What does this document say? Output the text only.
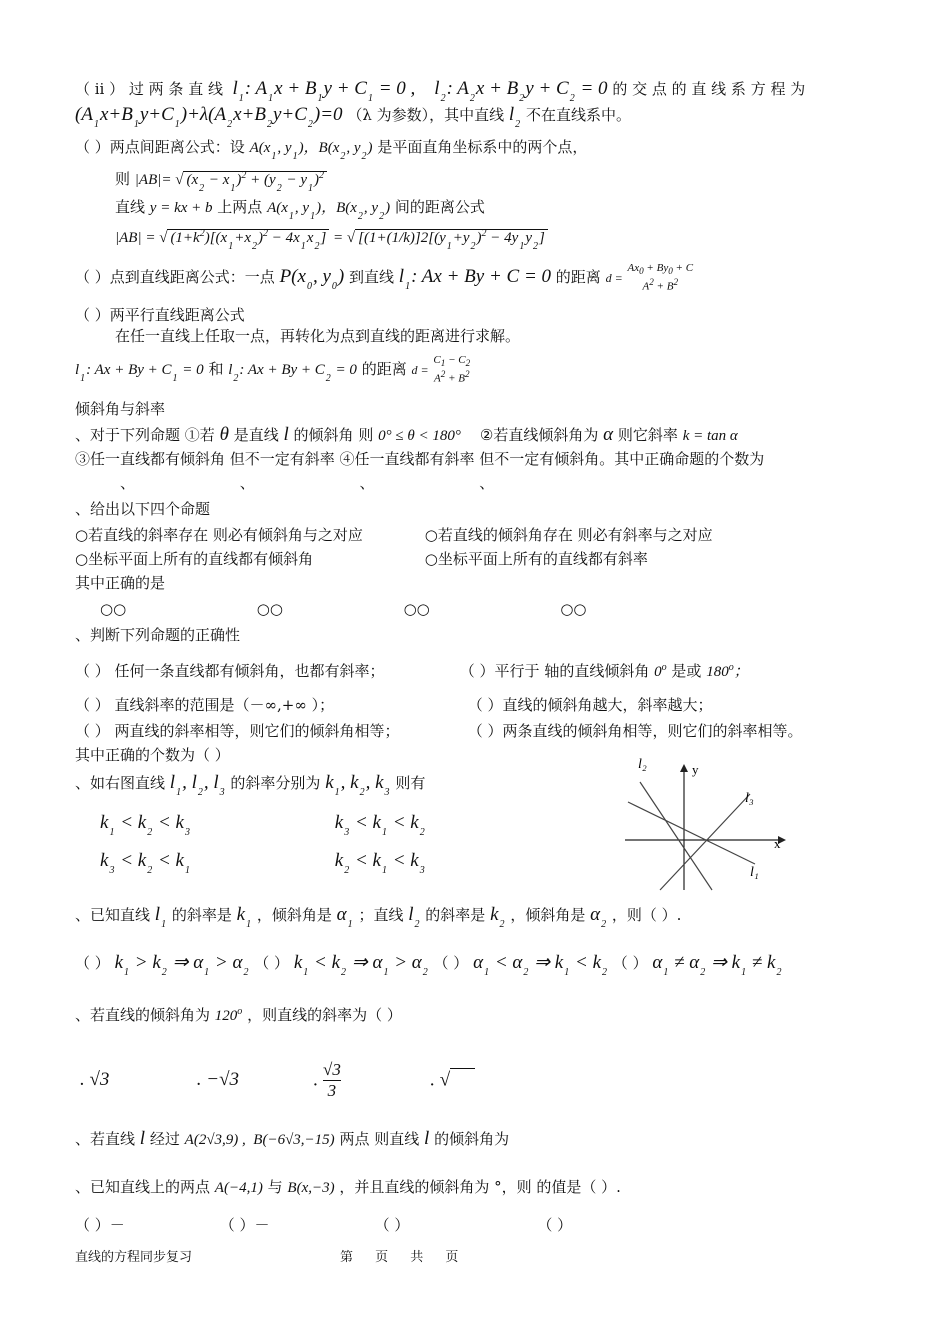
（ ⅱ ） 过 两 条 直 线  $l_1$: $A_1x + B_1y + C_1 = 0$ ,    $l_2$: $A_2x + B_2y + C_2 = 0$ 的 交 点 的 直 线 系 方 程 为
$(A_1x+B_1y+C_1)+\lambda(A_2x+B_2y+C_2)=0$ （λ 为参数），其中直线 $l_2$ 不在直线系中。
（ ）两点间距离公式：设 $A(x_1$, $y_1$)，$B(x_2$, $y_2$) 是平面直角坐标系中的两个点，
则 |AB|= √ $(x_2 - x_1)^2 + (y_2 - y_1)^2$
直线 y = kx + b 上两点 $A(x_1$, $y_1$)，$B(x_2$, $y_2$) 间的距离公式
|AB| = √ $(1+k^2)[(x_1+x_2)^2 - 4x_1x_2]$ = √ [$(1+(1/k)]2[(y_1+y_2)^2 - 4y_1y_2]$
（ ）点到直线距离公式：一点 $P(x_0$, $y_0$) 到直线 $l_1$: Ax + By + C = 0 的距离 d =
$Ax_0 + By_0 + C$
$A^2 + B^2$
（ ）两平行直线距离公式
在任一直线上任取一点，再转化为点到直线的距离进行求解。
$l_1$: $Ax + By + C_1 = 0$ 和 $l_2$: $Ax + By + C_2 = 0$ 的距离 d =
$C_1 - C_2$
$A^2 + B^2$
倾斜角与斜率
、对于下列命题 ①若 θ 是直线 l 的倾斜角 则 0° ≤ θ < 180° ②若直线倾斜角为 α 则它斜率 k = tan α
③任一直线都有倾斜角 但不一定有斜率 ④任一直线都有斜率 但不一定有倾斜角。其中正确命题的个数为
、 、 、 、
、给出以下四个命题
○若直线的斜率存在 则必有倾斜角与之对应	○若直线的倾斜角存在 则必有斜率与之对应
○坐标平面上所有的直线都有倾斜角	○坐标平面上所有的直线都有斜率
其中正确的是
○○	○○	○○	○○
、判断下列命题的正确性
（ ） 任何一条直线都有倾斜角，也都有斜率；	（ ）平行于 轴的直线倾斜角 0$^o$ 是或 180$^o$；
（ ） 直线斜率的范围是（－∞,+∞ ）；	（ ）直线的倾斜角越大，斜率越大；
（ ） 两直线的斜率相等，则它们的倾斜角相等；	（ ）两条直线的倾斜角相等，则它们的斜率相等。
其中正确的个数为（ ）
、如右图直线 $l_1$, $l_2$, $l_3$ 的斜率分别为 $k_1$, $k_2$, $k_3$ 则有
$k_1 < k_2 < k_3$	$k_3 < k_1 < k_2$
$k_3 < k_2 < k_1$	$k_2 < k_1 < k_3$
l₂	y
l₃
x
l₁
、已知直线 $l_1$ 的斜率是 $k_1$ ，倾斜角是 $\alpha_1$ ；直线 $l_2$ 的斜率是 $k_2$ ，倾斜角是 $\alpha_2$ ，则（ ）.
（ ） $k_1 > k_2$ ⇒ $\alpha_1 > \alpha_2$ （ ） $k_1 < k_2$ ⇒ $\alpha_1 > \alpha_2$ （ ） $\alpha_1 < \alpha_2$ ⇒ $k_1 < k_2$ （ ） $\alpha_1 \ne \alpha_2$ ⇒ $k_1 \ne k_2$
、若直线的倾斜角为 120$^o$ ，则直线的斜率为（ ）
. √3	. −√3	. $\frac{√3}{3}$	. √
、若直线 l 经过 A(2√3,9) ,  B(−6√3,−15) 两点 则直线 l 的倾斜角为
、已知直线上的两点 A(−4,1) 与 B(x,−3) ，并且直线的倾斜角为 °，则 的值是（ ）.
（ ）－	（ ）－	（ ）	（ ）
直线的方程同步复习	第 页 共 页
